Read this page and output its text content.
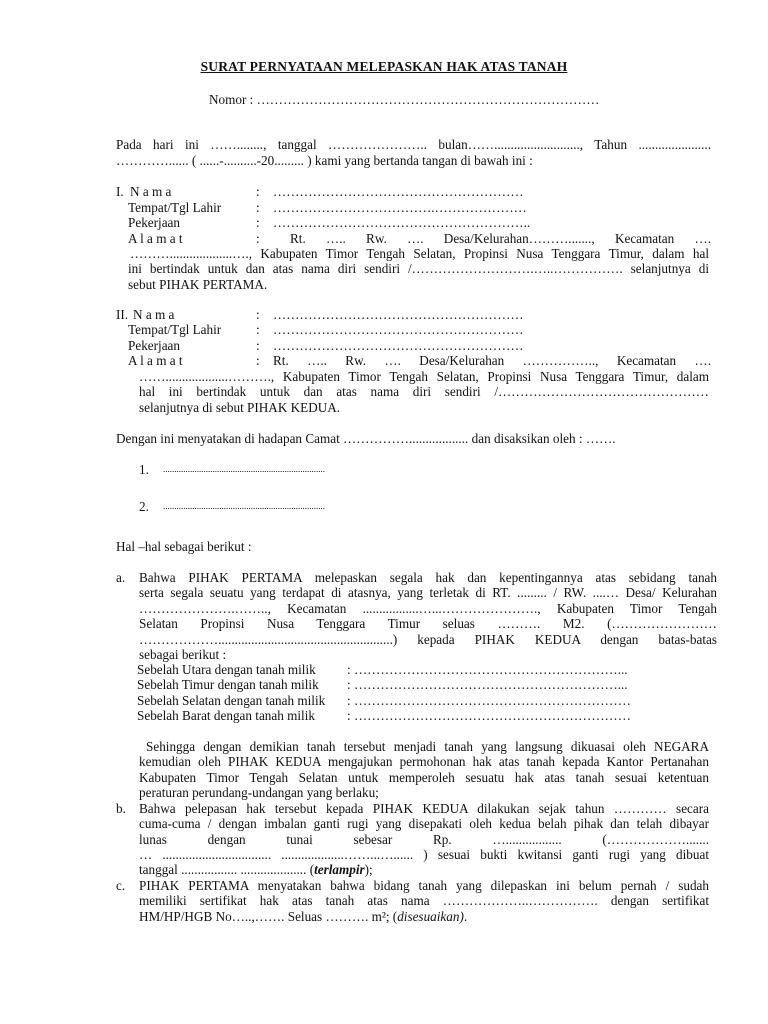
SURAT PERNYATAAN MELEPASKAN HAK ATAS TANAH
Nomor : ……………………………………………………………………
Pada hari ini ……........, tanggal ………………….. bulan…….........................., Tahun ......................
…………...... ( ......-..........-20......... ) kami yang bertanda tangan di bawah ini :
I. N a m a
Tempat/Tgl Lahir
Pekerjaan
A l a m a t
:
:
:
:
…………………………………………………
……………………………….…………………
…………………………………………………..
Rt. ….. Rw. …. Desa/Kelurahan………......., Kecamatan ….
………...................…., Kabupaten Timor Tengah Selatan, Propinsi Nusa Tenggara Timur, dalam hal
ini bertindak untuk dan atas nama diri sendiri /……………………….…..……………. selanjutnya di
sebut PIHAK PERTAMA.
II. N a m a
Tempat/Tgl Lahir
Pekerjaan
A l a m a t
:
:
:
:
…………………………………………………
…………………………………………………
…………………………………………………
Rt. ….. Rw. …. Desa/Kelurahan …………….., Kecamatan ….
……...................………., Kabupaten Timor Tengah Selatan, Propinsi Nusa Tenggara Timur, dalam
hal ini bertindak untuk dan atas nama diri sendiri /…………………………………………
selanjutnya di sebut PIHAK KEDUA.
Dengan ini menyatakan di hadapan Camat …………….................. dan disaksikan oleh : …….
1. ........................................................................
2. ........................................................................
Hal –hal sebagai berikut :
a. Bahwa PIHAK PERTAMA melepaskan segala hak dan kepentingannya atas sebidang tanah
serta segala seuatu yang terdapat di atasnya, yang terletak di RT. ......... / RW. ....… Desa/ Kelurahan
………………….…….., Kecamatan .................…...…………………., Kabupaten Timor Tengah
Selatan Propinsi Nusa Tenggara Timur seluas ………. M2. (……………………
……………….....................................................) kepada PIHAK KEDUA dengan batas-batas
sebagai berikut :
Sebelah Utara dengan tanah milik : ……………………………………………………...
Sebelah Timur dengan tanah milik : ……………………………………………………...
Sebelah Selatan dengan tanah milik : ………………………………………………………
Sebelah Barat dengan tanah milik : ………………………………………………………
Sehingga dengan demikian tanah tersebut menjadi tanah yang langsung dikuasai oleh NEGARA
kemudian oleh PIHAK KEDUA mengajukan permohonan hak atas tanah kepada Kantor Pertanahan
Kabupaten Timor Tengah Selatan untuk memperoleh sesuatu hak atas tanah sesuai ketentuan
peraturan perundang-undangan yang berlaku;
b. Bahwa pelepasan hak tersebut kepada PIHAK KEDUA dilakukan sejak tahun ………… secara
cuma-cuma / dengan imbalan ganti rugi yang disepakati oleh kedua belah pihak dan telah dibayar
lunas dengan tunai sebesar Rp. …................. (……………….......
… ................................. ...................……...…...... ) sesuai bukti kwitansi ganti rugi yang dibuat
tanggal ................. .................... (terlampir);
c. PIHAK PERTAMA menyatakan bahwa bidang tanah yang dilepaskan ini belum pernah / sudah
memiliki sertifikat hak atas tanah atas nama ………………..……………. dengan sertifikat
HM/HP/HGB No…..,……. Seluas ………. m²; (disesuaikan).
